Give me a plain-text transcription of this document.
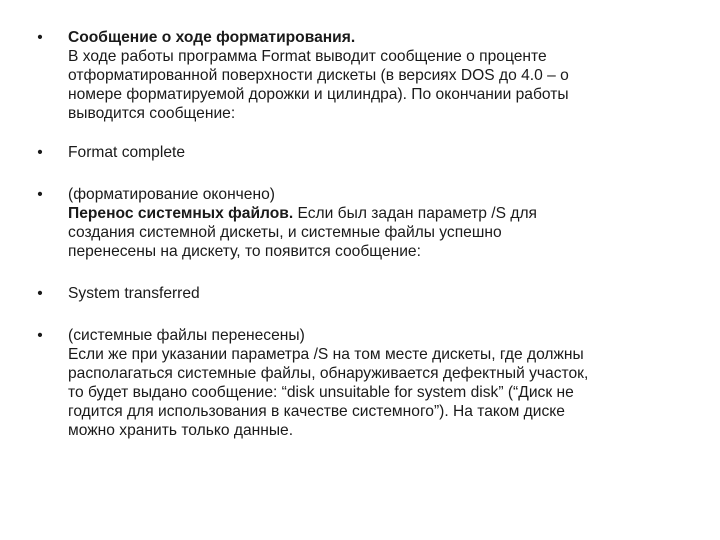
• Сообщение о ходе форматирования.
В ходе работы программа Format выводит сообщение о проценте
отформатированной поверхности дискеты (в версиях DOS до 4.0 – о
номере форматируемой дорожки и цилиндра). По окончании работы
выводится сообщение:
• Format complete
• (форматирование окончено)
Перенос системных файлов. Если был задан параметр /S для
создания системной дискеты, и системные файлы успешно
перенесены на дискету, то появится сообщение:
• System transferred
• (системные файлы перенесены)
Если же при указании параметра /S на том месте дискеты, где должны
располагаться системные файлы, обнаруживается дефектный участок,
то будет выдано сообщение: “disk unsuitable for system disk” (“Диск не
годится для использования в качестве системного”). На таком диске
можно хранить только данные.
